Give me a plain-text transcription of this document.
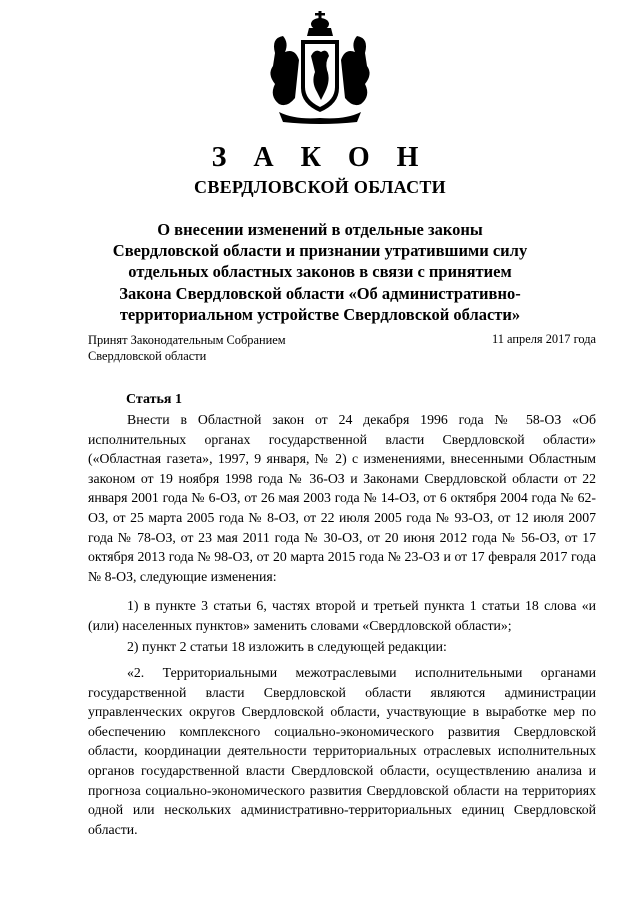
З А К О Н
СВЕРДЛОВСКОЙ ОБЛАСТИ
О внесении изменений в отдельные законы
Свердловской области и признании утратившими силу
отдельных областных законов в связи с принятием
Закона Свердловской области «Об административно-
территориальном устройстве Свердловской области»
Принят Законодательным Собранием
Свердловской области
11 апреля 2017 года
Статья 1

Внести в Областной закон от 24 декабря 1996 года № 58-ОЗ «Об исполнительных органах государственной власти Свердловской области» («Областная газета», 1997, 9 января, № 2) с изменениями, внесенными Областным законом от 19 ноября 1998 года № 36-ОЗ и Законами Свердловской области от 22 января 2001 года № 6-ОЗ, от 26 мая 2003 года № 14-ОЗ, от 6 октября 2004 года № 62-ОЗ, от 25 марта 2005 года № 8-ОЗ, от 22 июля 2005 года № 93-ОЗ, от 12 июля 2007 года № 78-ОЗ, от 23 мая 2011 года № 30-ОЗ, от 20 июня 2012 года № 56-ОЗ, от 17 октября 2013 года № 98-ОЗ, от 20 марта 2015 года № 23-ОЗ и от 17 февраля 2017 года № 8-ОЗ, следующие изменения:

1) в пункте 3 статьи 6, частях второй и третьей пункта 1 статьи 18 слова «и (или) населенных пунктов» заменить словами «Свердловской области»;

2) пункт 2 статьи 18 изложить в следующей редакции:

«2. Территориальными межотраслевыми исполнительными органами государственной власти Свердловской области являются администрации управленческих округов Свердловской области, участвующие в выработке мер по обеспечению комплексного социально-экономического развития Свердловской области, координации деятельности территориальных отраслевых исполнительных органов государственной власти Свердловской области, осуществлению анализа и прогноза социально-экономического развития Свердловской области на территориях одной или нескольких административно-территориальных единиц Свердловской области.
